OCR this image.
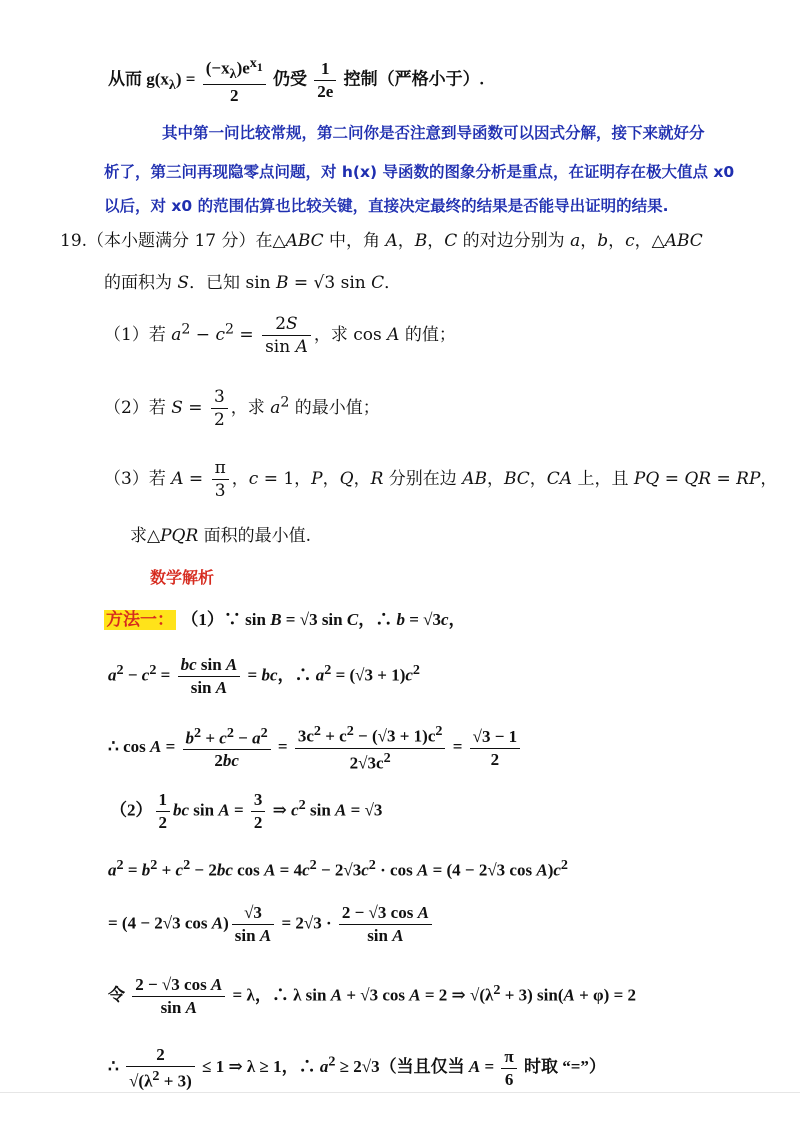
从而 $g(x_\lambda) = \frac{(-x_\lambda)e^{x_1}}{2}$ 仍受 $\frac{1}{2e}$ 控制（严格小于）.
其中第一问比较常规，第二问你是否注意到导函数可以因式分解，接下来就好分
析了，第三问再现隐零点问题，对 h(x) 导函数的图象分析是重点，在证明存在极大值点 x0
以后，对 x0 的范围估算也比较关键，直接决定最终的结果是否能导出证明的结果.
19.（本小题满分 17 分）在△ABC 中，角 A，B，C 的对边分别为 a，b，c，△ABC
的面积为 S．已知 sin B = √3 sin C．
（1）若 $a^2 - c^2 = \frac{2S}{\text{sin A}}$ ，求 cos A 的值；
（2）若 $S = \frac{3}{2}$ ，求 $a^2$ 的最小值；
（3）若 $A = \frac{\pi}{3}$ ，c = 1，P，Q，R 分别在边 AB，BC，CA 上，且 PQ = QR = RP，
求△PQR 面积的最小值.
数学解析
方法一： （1）∵ sin B = √3 sin C，∴ b = √3c，
$a^2 - c^2 = \frac{\text{bc sin A}}{\text{sin A}}$ = bc，∴ $a^2 = (√3 + 1)c^2$
∴ $\cos A = \frac{b^2 + c^2 - a^2}{2bc} = \frac{3c^2 + c^2 - (√3 + 1)c^2}{2√3c^2} = \frac{√3 - 1}{2}$
$(2) \frac{1}{2}$ bc $\sin A = \frac{3}{2}$ ⇒ $c^2$ sin A = √3
$a^2 = b^2 + c^2 - 2bc$ $\cos A = 4c^2 - 2√3c^2 \cdot \cos A = (4 - 2√3$ $\cos A)c^2$
= (4 − 2√3 $\cos A) \frac{√3}{\text{sin A}} = 2√3 \cdot \frac{\text{2 − √3 cos A}}{\text{sin A}}$
令 $\frac{\text{2 − √3 cos A}}{\text{sin A}} = \lambda$，∴ λ sin A + √3 cos A = 2 ⇒ $√(\lambda^2 + 3) \sin(A + \varphi) = 2$
∴ $\frac{2}{√(\lambda^2 + 3)} \le 1$ ⇒ λ ≥ 1，∴ $a^2 \ge 2√3$（当且仅当 $A = \frac{\pi}{6}$ 时取 “=”）
